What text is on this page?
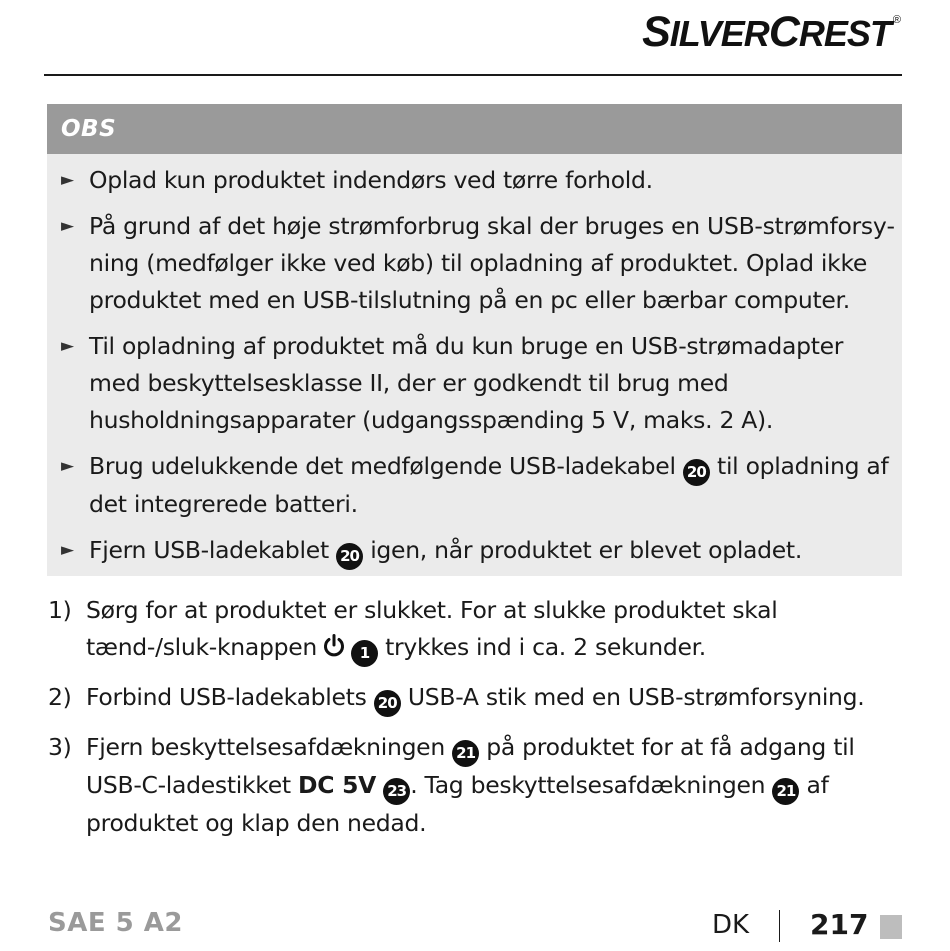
SILVERCREST ®
OBS
► Oplad kun produktet indendørs ved tørre forhold.
► På grund af det høje strømforbrug skal der bruges en USB-strømforsyning (medfølger ikke ved køb) til opladning af produktet. Oplad ikke produktet med en USB-tilslutning på en pc eller bærbar computer.
► Til opladning af produktet må du kun bruge en USB-strømadapter med beskyttelsesklasse II, der er godkendt til brug med husholdningsapparater (udgangsspænding 5 V, maks. 2 A).
► Brug udelukkende det medfølgende USB-ladekabel 20 til opladning af det integrerede batteri.
► Fjern USB-ladekablet 20 igen, når produktet er blevet opladet.
1) Sørg for at produktet er slukket. For at slukke produktet skal tænd-/sluk-knappen	1 trykkes ind i ca. 2 sekunder.
2) Forbind USB-ladekablets 20 USB-A stik med en USB-strømforsyning.
3) Fjern beskyttelsesafdækningen 21 på produktet for at få adgang til USB-C-ladestikket DC 5V 23 . Tag beskyttelsesafdækningen 21 af produktet og klap den nedad.
SAE 5 A2	DK 217
